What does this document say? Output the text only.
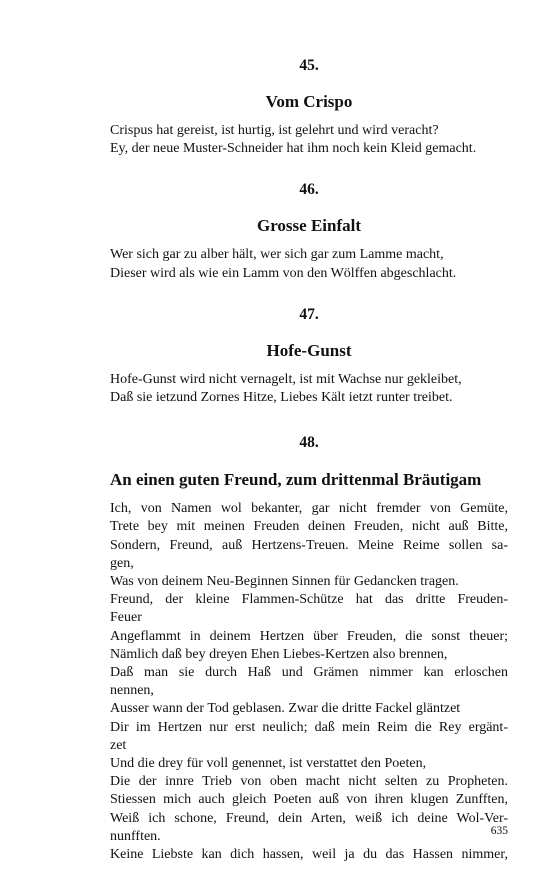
45.

Vom Crispo
Crispus hat gereist, ist hurtig, ist gelehrt und wird veracht?
Ey, der neue Muster-Schneider hat ihm noch kein Kleid gemacht.

46.

Grosse Einfalt
Wer sich gar zu alber hält, wer sich gar zum Lamme macht,
Dieser wird als wie ein Lamm von den Wölffen abgeschlacht.

47.

Hofe-Gunst
Hofe-Gunst wird nicht vernagelt, ist mit Wachse nur gekleibet,
Daß sie ietzund Zornes Hitze, Liebes Kält ietzt runter treibet.

48.

An einen guten Freund, zum drittenmal Bräutigam
Ich, von Namen wol bekanter, gar nicht fremder von Gemüte,
Trete bey mit meinen Freuden deinen Freuden, nicht auß Bitte,
Sondern, Freund, auß Hertzens-Treuen. Meine Reime sollen sa-
gen,
Was von deinem Neu-Beginnen Sinnen für Gedancken tragen.
Freund, der kleine Flammen-Schütze hat das dritte Freuden-
Feuer
Angeflammt in deinem Hertzen über Freuden, die sonst theuer;
Nämlich daß bey dreyen Ehen Liebes-Kertzen also brennen,
Daß man sie durch Haß und Grämen nimmer kan erloschen
nennen,
Ausser wann der Tod geblasen. Zwar die dritte Fackel gläntzet
Dir im Hertzen nur erst neulich; daß mein Reim die Rey ergänt-
zet
Und die drey für voll genennet, ist verstattet den Poeten,
Die der innre Trieb von oben macht nicht selten zu Propheten.
Stiessen mich auch gleich Poeten auß von ihren klugen Zunfften,
Weiß ich schone, Freund, dein Arten, weiß ich deine Wol-Ver-
nunfften.
Keine Liebste kan dich hassen, weil ja du das Hassen nimmer,
635
